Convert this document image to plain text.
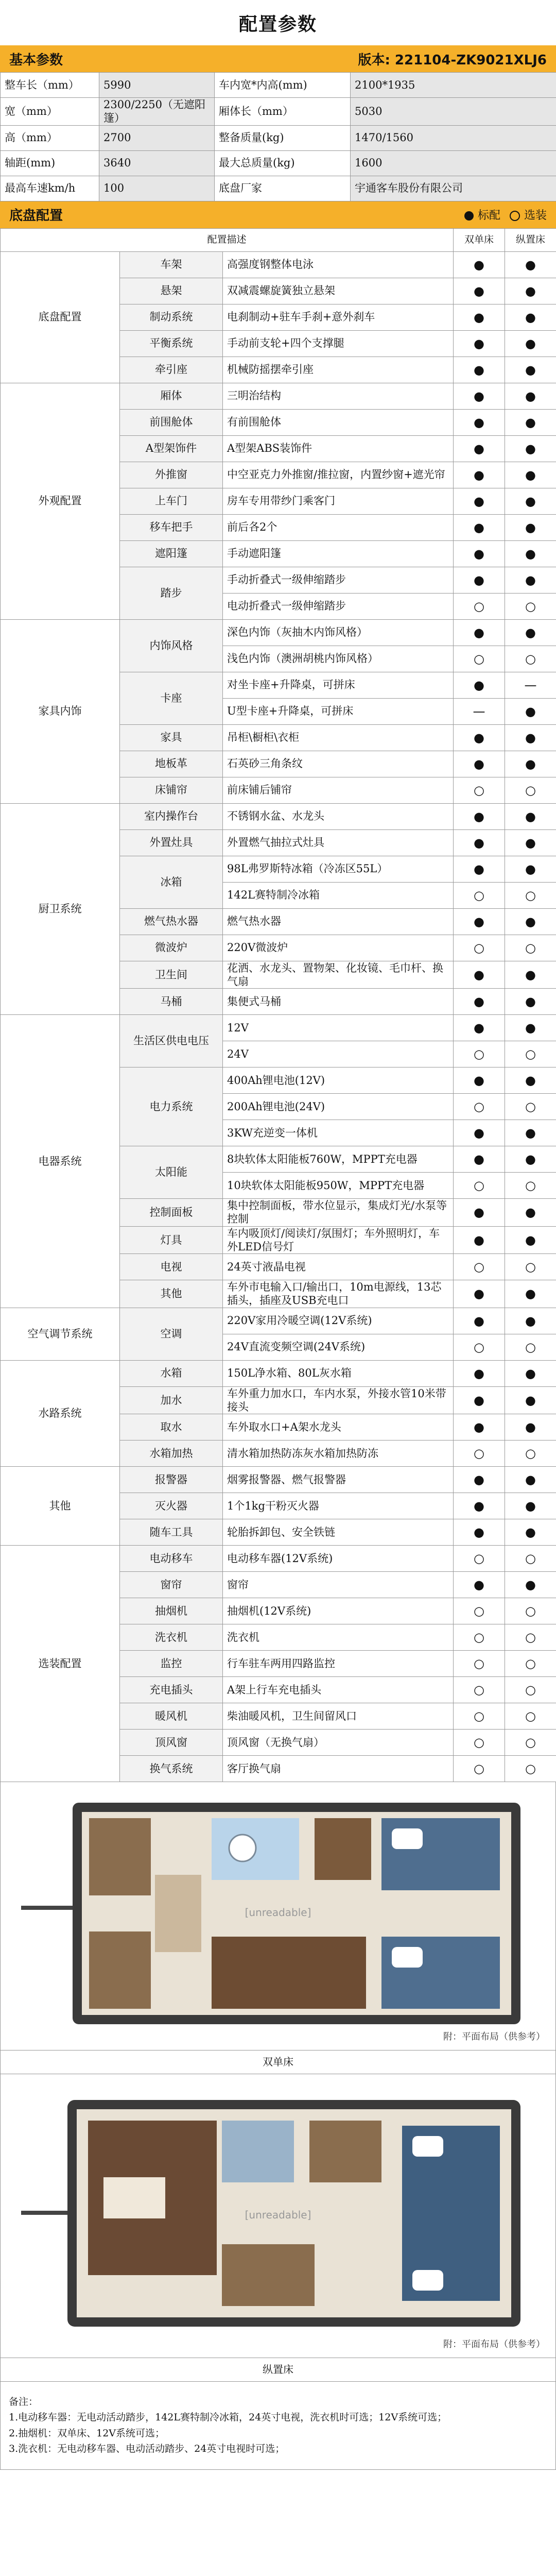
配置参数
基本参数	版本: 221104-ZK9021XLJ6
整车长（mm）	5990	车内宽*内高(mm)	2100*1935
宽（mm）	2300/2250（无遮阳篷）	厢体长（mm）	5030
高（mm）	2700	整备质量(kg)	1470/1560
轴距(mm)	3640	最大总质量(kg)	1600
最高车速km/h	100	底盘厂家	宇通客车股份有限公司
底盘配置	标配	选装
配置描述			双单床	纵置床
底盘配置	车架	高强度钢整体电泳	●	●
	悬架	双减震螺旋簧独立悬架	●	●
	制动系统	电刹制动+驻车手刹+意外刹车	●	●
	平衡系统	手动前支轮+四个支撑腿	●	●
	牵引座	机械防摇摆牵引座	●	●
外观配置	厢体	三明治结构	●	●
	前围舱体	有前围舱体	●	●
	A型架饰件	A型架ABS装饰件	●	●
	外推窗	中空亚克力外推窗/推拉窗，内置纱窗+遮光帘	●	●
	上车门	房车专用带纱门乘客门	●	●
	移车把手	前后各2个	●	●
	遮阳篷	手动遮阳篷	●	●
	踏步	手动折叠式一级伸缩踏步	●	●
		电动折叠式一级伸缩踏步	○	○
家具内饰	内饰风格	深色内饰（灰抽木内饰风格）	●	●
		浅色内饰（澳洲胡桃内饰风格）	○	○
	卡座	对坐卡座+升降桌，可拼床	●	—
		U型卡座+升降桌，可拼床	—	●
	家具	吊柜\橱柜\衣柜	●	●
	地板革	石英砂三角条纹	●	●
	床铺帘	前床铺后铺帘	○	○
厨卫系统	室内操作台	不锈钢水盆、水龙头	●	●
	外置灶具	外置燃气抽拉式灶具	●	●
	冰箱	98L弗罗斯特冰箱（冷冻区55L）	●	●
		142L赛特制冷冰箱	○	○
	燃气热水器	燃气热水器	●	●
	微波炉	220V微波炉	○	○
	卫生间	花洒、水龙头、置物架、化妆镜、毛巾杆、换气扇	●	●
	马桶	集便式马桶	●	●
电器系统	生活区供电电压	12V	●	●
		24V	○	○
	电力系统	400Ah锂电池(12V)	●	●
		200Ah锂电池(24V)	○	○
		3KW充逆变一体机	●	●
	太阳能	8块软体太阳能板760W，MPPT充电器	●	●
		10块软体太阳能板950W，MPPT充电器	○	○
	控制面板	集中控制面板，带水位显示，集成灯光/水泵等控制	●	●
	灯具	车内吸顶灯/阅读灯/氛围灯；车外照明灯，车外LED信号灯	●	●
	电视	24英寸液晶电视	○	○
	其他	车外市电输入口/输出口，10m电源线，13芯插头，插座及USB充电口	●	●
空气调节系统	空调	220V家用冷暖空调(12V系统)	●	●
		24V直流变频空调(24V系统)	○	○
水路系统	水箱	150L净水箱、80L灰水箱	●	●
	加水	车外重力加水口，车内水泵，外接水管10米带接头	●	●
	取水	车外取水口+A架水龙头	●	●
	水箱加热	清水箱加热防冻灰水箱加热防冻	○	○
其他	报警器	烟雾报警器、燃气报警器	●	●
	灭火器	1个1kg干粉灭火器	●	●
	随车工具	轮胎拆卸包、安全铁链	●	●
选装配置	电动移车	电动移车器(12V系统)	○	○
	窗帘	窗帘	●	●
	抽烟机	抽烟机(12V系统)	○	○
	洗衣机	洗衣机	○	○
	监控	行车驻车两用四路监控	○	○
	充电插头	A架上行车充电插头	○	○
	暖风机	柴油暖风机，卫生间留风口	○	○
	顶风窗	顶风窗（无换气扇）	○	○
	换气系统	客厅换气扇	○	○
[unreadable]
附：平面布局（供参考）
双单床
[unreadable]
附：平面布局（供参考）
纵置床
备注：
1.电动移车器：无电动活动踏步，142L赛特制冷冰箱，24英寸电视，洗衣机时可选；12V系统可选；
2.抽烟机：双单床、12V系统可选；
3.洗衣机：无电动移车器、电动活动踏步、24英寸电视时可选；
